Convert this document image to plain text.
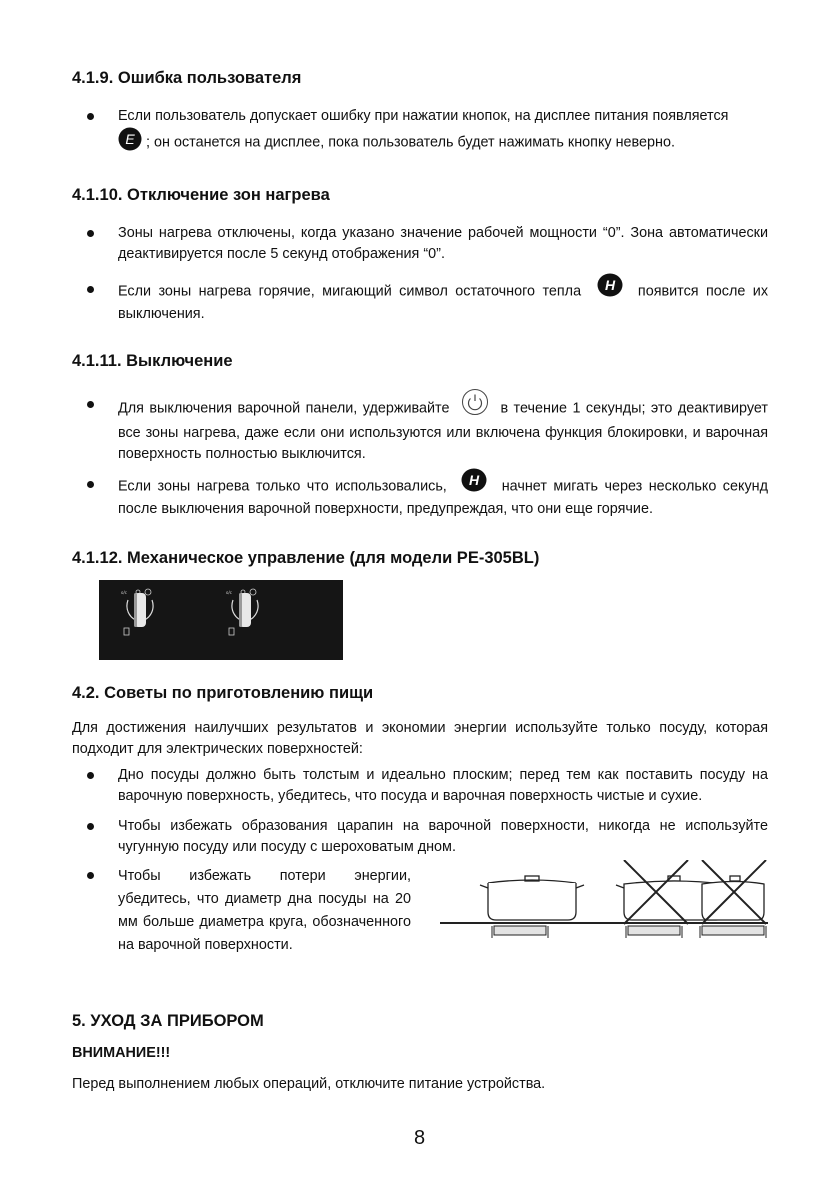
4.1.9. Ошибка пользователя

Если пользователь допускает ошибку при нажатии кнопок, на дисплее питания появляется

E ; он останется на дисплее, пока пользователь будет нажимать кнопку неверно.

4.1.10. Отключение зон нагрева

Зоны нагрева отключены, когда указано значение рабочей мощности “0”. Зона автоматически деактивируется после 5 секунд отображения “0”.

Если зоны нагрева горячие, мигающий символ остаточного тепла H появится после их выключения.

4.1.11. Выключение

Для выключения варочной панели, удерживайте	в течение 1 секунды; это деактивирует все зоны нагрева, даже если они используются или включена функция блокировки, и варочная поверхность полностью выключится.

Если зоны нагрева только что использовались, H начнет мигать через несколько секунд после выключения варочной поверхности, предупреждая, что они еще горячие.

4.1.12. Механическое управление (для модели PE-305BL)
o/c	o/c
4.2. Советы по приготовлению пищи

Для достижения наилучших результатов и экономии энергии используйте только посуду, которая подходит для электрических поверхностей:

Дно посуды должно быть толстым и идеально плоским; перед тем как поставить посуду на варочную поверхность, убедитесь, что посуда и варочная поверхность чистые и сухие.

Чтобы избежать образования царапин на варочной поверхности, никогда не используйте чугунную посуду или посуду с шероховатым дном.

Чтобы избежать потери энергии, убедитесь, что диаметр дна посуды на 20 мм больше диаметра круга, обозначенного на варочной поверхности.

5. УХОД ЗА ПРИБОРОМ
ВНИМАНИЕ!!!

Перед выполнением любых операций, отключите питание устройства.

8
